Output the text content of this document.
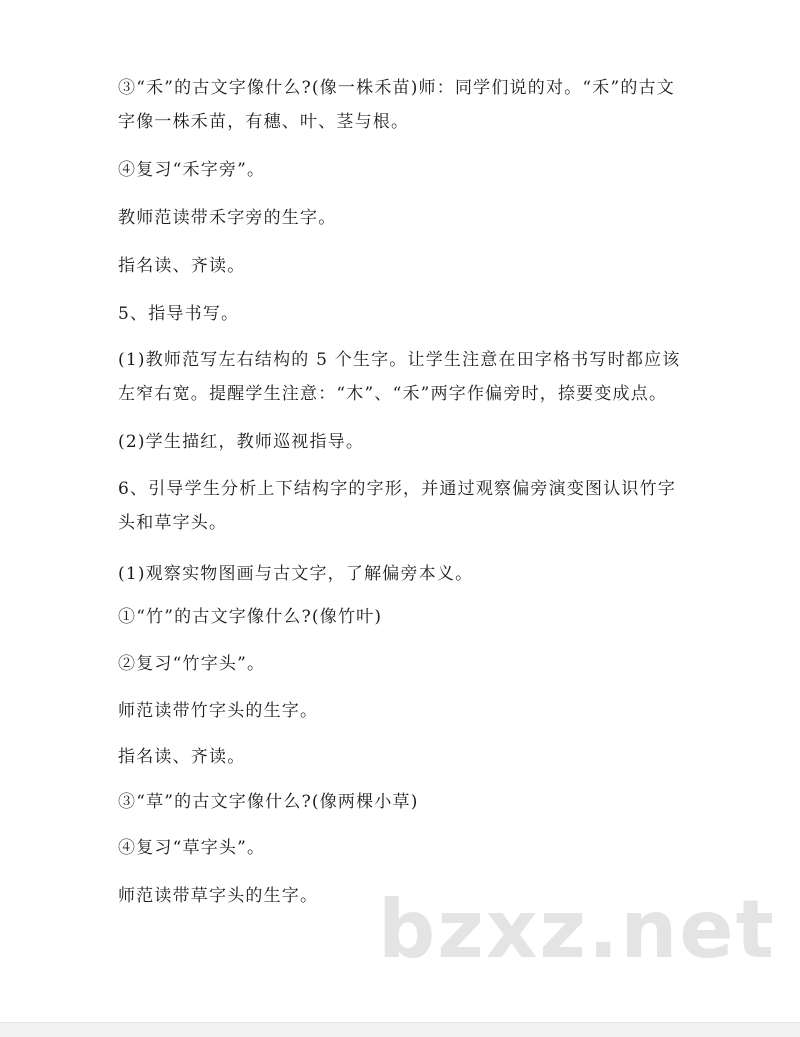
③“禾”的古文字像什么?(像一株禾苗)师：同学们说的对。“禾”的古文
字像一株禾苗，有穗、叶、茎与根。

④复习“禾字旁”。

教师范读带禾字旁的生字。

指名读、齐读。

5、指导书写。

(1)教师范写左右结构的 5 个生字。让学生注意在田字格书写时都应该
左窄右宽。提醒学生注意：“木”、“禾”两字作偏旁时，捺要变成点。

(2)学生描红，教师巡视指导。

6、引导学生分析上下结构字的字形，并通过观察偏旁演变图认识竹字
头和草字头。

(1)观察实物图画与古文字，了解偏旁本义。

①“竹”的古文字像什么?(像竹叶)

②复习“竹字头”。

师范读带竹字头的生字。

指名读、齐读。

③“草”的古文字像什么?(像两棵小草)

④复习“草字头”。

师范读带草字头的生字。 bzxz.net
